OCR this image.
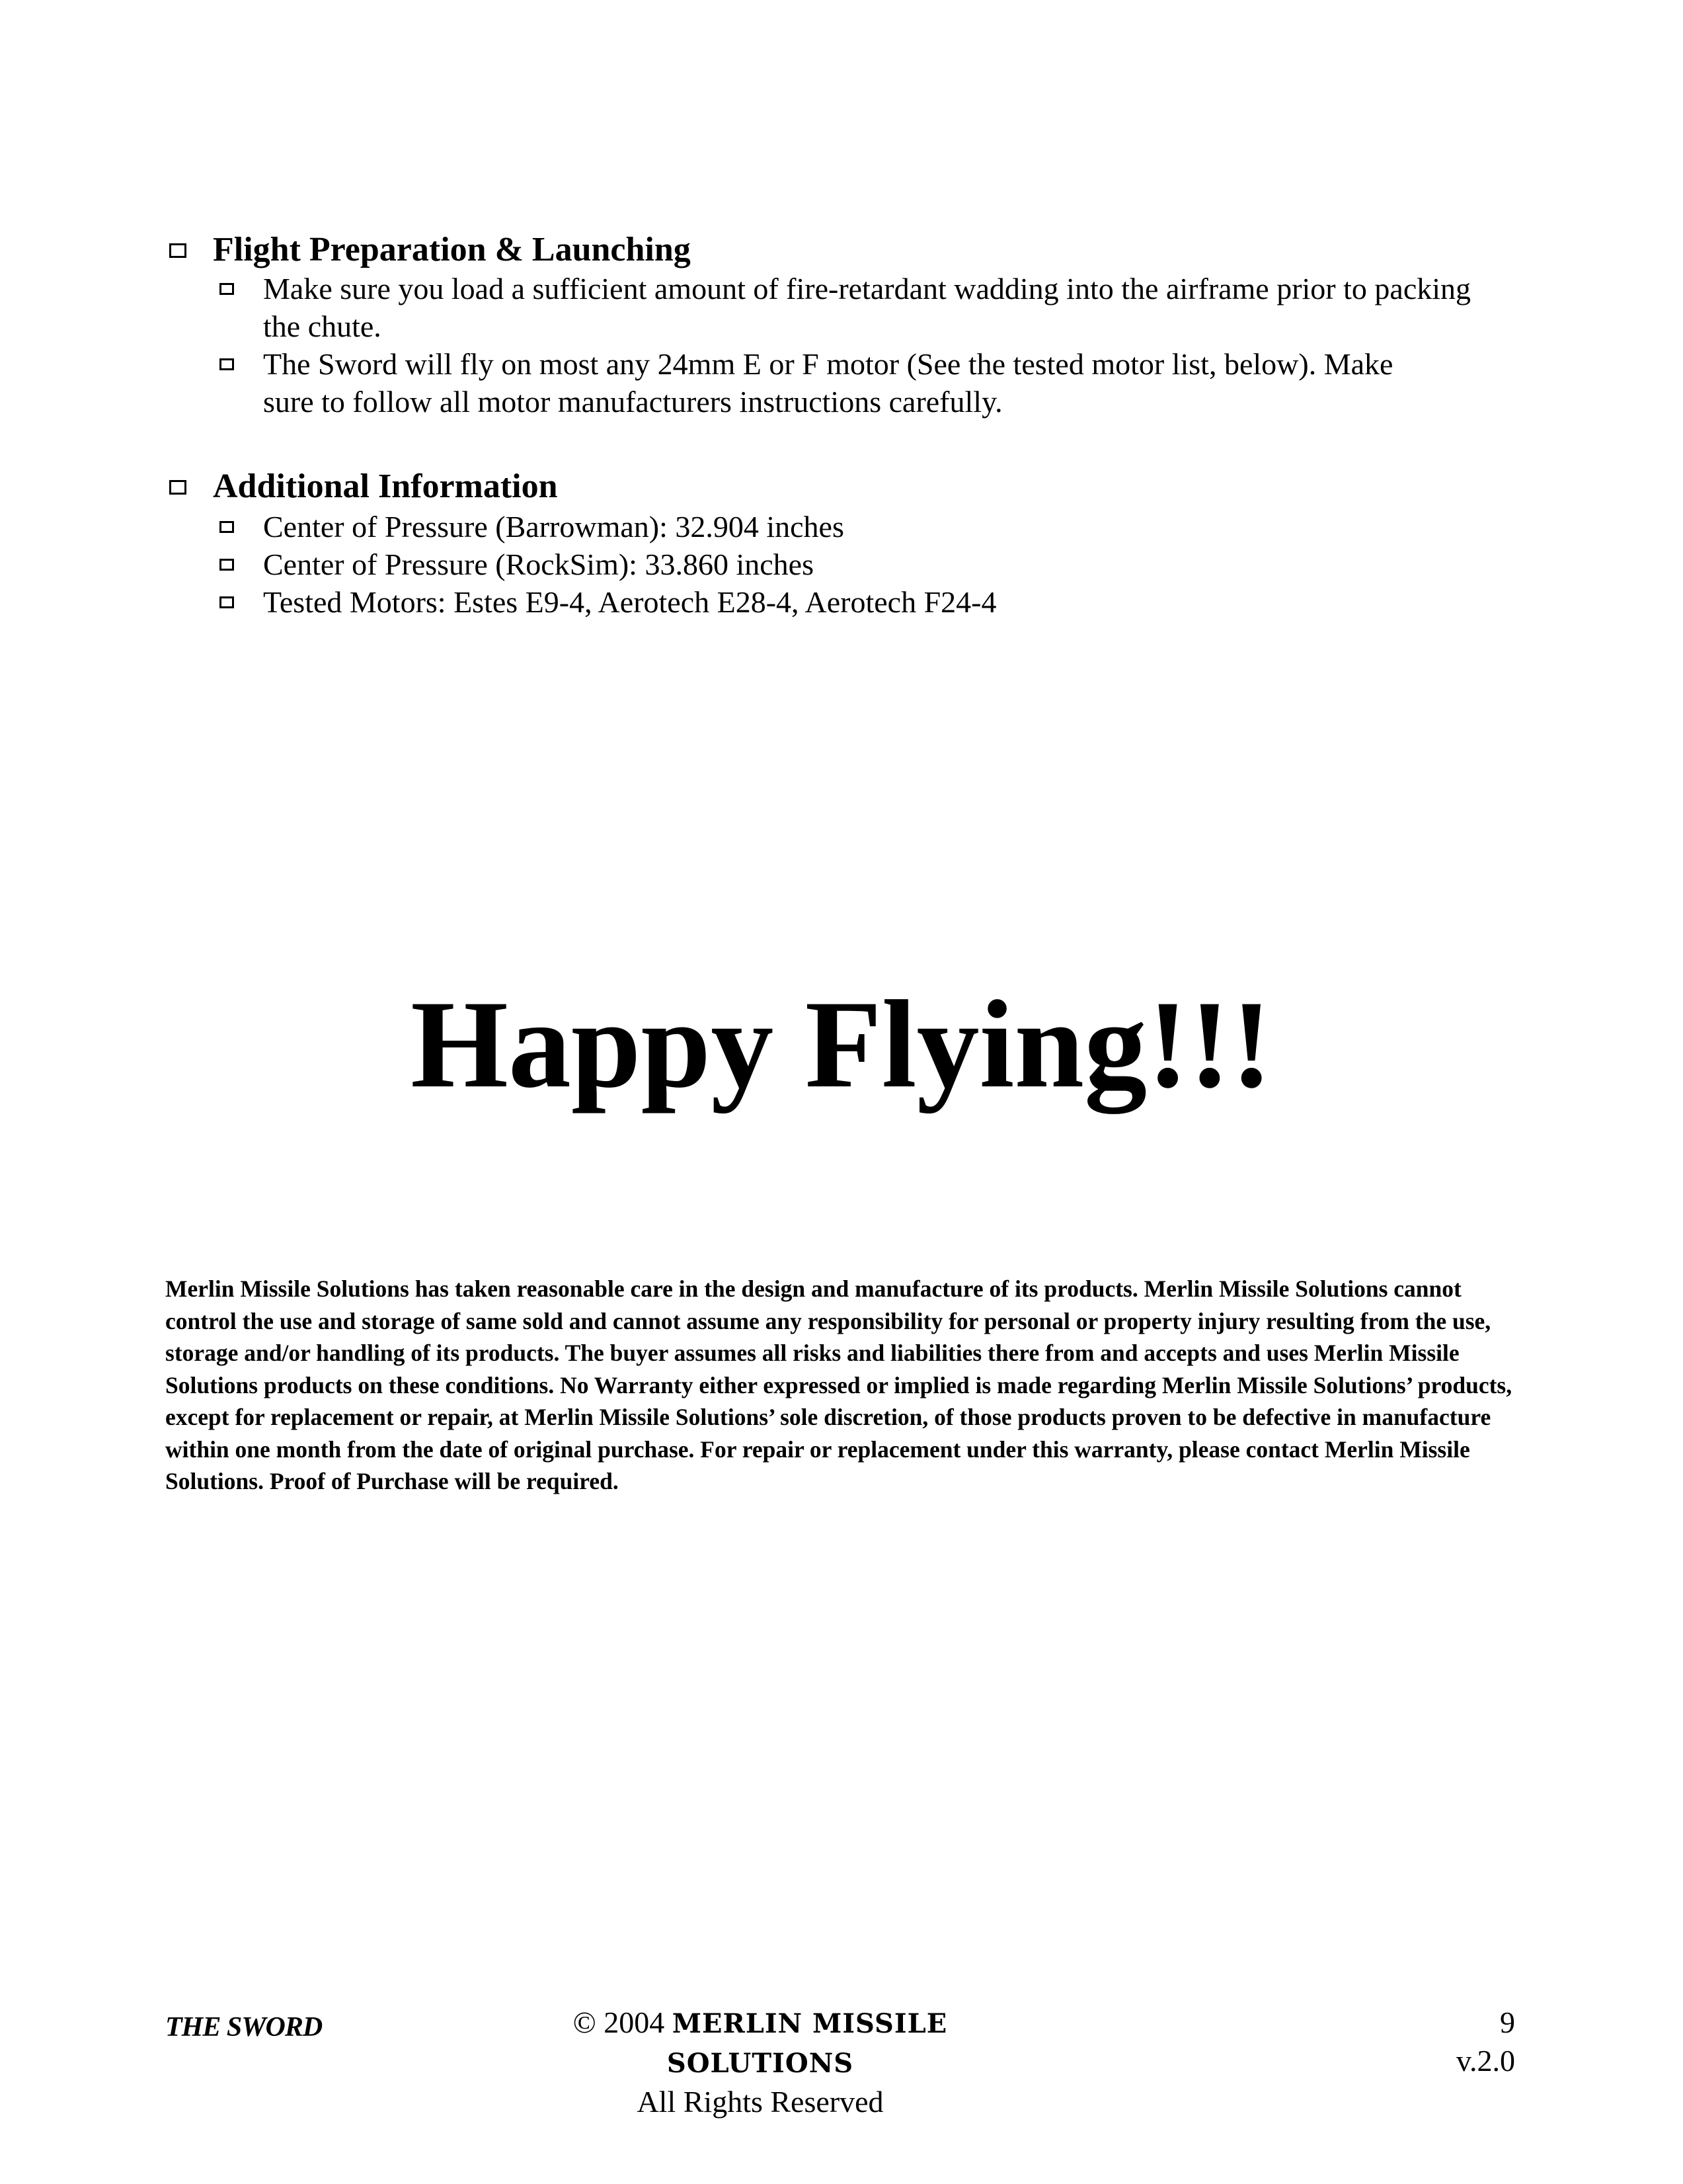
Flight Preparation & Launching
Make sure you load a sufficient amount of fire-retardant wadding into the airframe prior to packing the chute.
The Sword will fly on most any 24mm E or F motor (See the tested motor list, below). Make sure to follow all motor manufacturers instructions carefully.
Additional Information
Center of Pressure (Barrowman): 32.904 inches
Center of Pressure (RockSim): 33.860 inches
Tested Motors: Estes E9-4, Aerotech E28-4, Aerotech F24-4
Happy Flying!!!
Merlin Missile Solutions has taken reasonable care in the design and manufacture of its products. Merlin Missile Solutions cannot control the use and storage of same sold and cannot assume any responsibility for personal or property injury resulting from the use, storage and/or handling of its products. The buyer assumes all risks and liabilities there from and accepts and uses Merlin Missile Solutions products on these conditions. No Warranty either expressed or implied is made regarding Merlin Missile Solutions’ products, except for replacement or repair, at Merlin Missile Solutions’ sole discretion, of those products proven to be defective in manufacture within one month from the date of original purchase. For repair or replacement under this warranty, please contact Merlin Missile Solutions. Proof of Purchase will be required.
THE SWORD	© 2004 MERLIN MISSILE SOLUTIONS
All Rights Reserved
9
v.2.0
